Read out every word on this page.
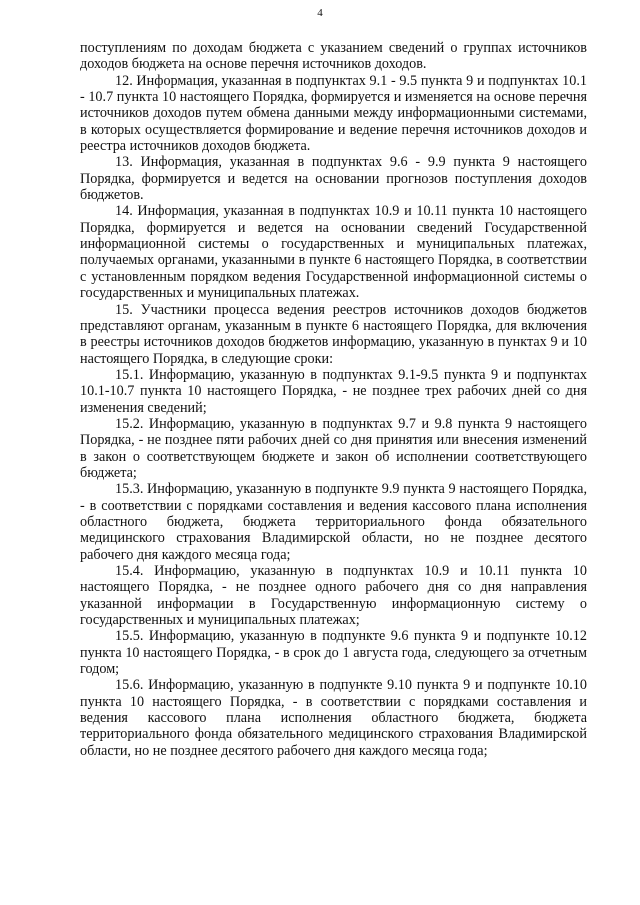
4

поступлениям по доходам бюджета с указанием сведений о группах источников доходов бюджета на основе перечня источников доходов.

12. Информация, указанная в подпунктах 9.1 - 9.5 пункта 9 и подпунктах 10.1 - 10.7 пункта 10 настоящего Порядка, формируется и изменяется на основе перечня источников доходов путем обмена данными между информационными системами, в которых осуществляется формирование и ведение перечня источников доходов и реестра источников доходов бюджета.

13. Информация, указанная в подпунктах 9.6 - 9.9 пункта 9 настоящего Порядка, формируется и ведется на основании прогнозов поступления доходов бюджетов.

14. Информация, указанная в подпунктах 10.9 и 10.11 пункта 10 настоящего Порядка, формируется и ведется на основании сведений Государственной информационной системы о государственных и муниципальных платежах, получаемых органами, указанными в пункте 6 настоящего Порядка, в соответствии с установленным порядком ведения Государственной информационной системы о государственных и муниципальных платежах.

15. Участники процесса ведения реестров источников доходов бюджетов представляют органам, указанным в пункте 6 настоящего Порядка, для включения в реестры источников доходов бюджетов информацию, указанную в пунктах 9 и 10 настоящего Порядка, в следующие сроки:

15.1. Информацию, указанную в подпунктах 9.1-9.5 пункта 9 и подпунктах 10.1-10.7 пункта 10 настоящего Порядка, - не позднее трех рабочих дней со дня изменения сведений;

15.2. Информацию, указанную в подпунктах 9.7 и 9.8 пункта 9 настоящего Порядка, - не позднее пяти рабочих дней со дня принятия или внесения изменений в закон о соответствующем бюджете и закон об исполнении соответствующего бюджета;

15.3. Информацию, указанную в подпункте 9.9 пункта 9 настоящего Порядка, - в соответствии с порядками составления и ведения кассового плана исполнения областного бюджета, бюджета территориального фонда обязательного медицинского страхования Владимирской области, но не позднее десятого рабочего дня каждого месяца года;

15.4. Информацию, указанную в подпунктах 10.9 и 10.11 пункта 10 настоящего Порядка, - не позднее одного рабочего дня со дня направления указанной информации в Государственную информационную систему о государственных и муниципальных платежах;

15.5. Информацию, указанную в подпункте 9.6 пункта 9 и подпункте 10.12 пункта 10 настоящего Порядка, - в срок до 1 августа года, следующего за отчетным годом;

15.6. Информацию, указанную в подпункте 9.10 пункта 9 и подпункте 10.10 пункта 10 настоящего Порядка, - в соответствии с порядками составления и ведения кассового плана исполнения областного бюджета, бюджета территориального фонда обязательного медицинского страхования Владимирской области, но не позднее десятого рабочего дня каждого месяца года;
